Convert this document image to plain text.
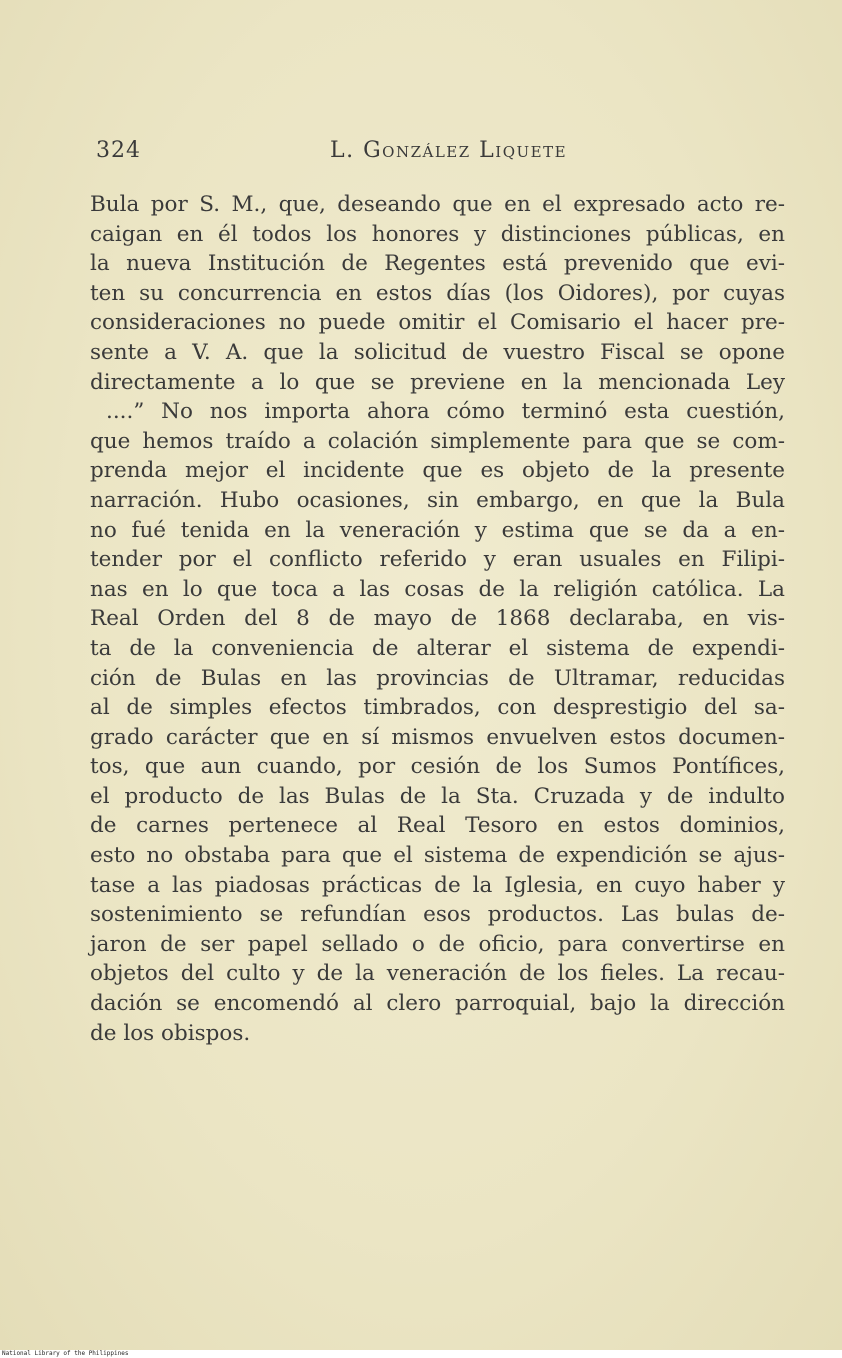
324	L. González Liquete
Bula por S. M., que, deseando que en el expresado acto re-
caigan en él todos los honores y distinciones públicas, en
la nueva Institución de Regentes está prevenido que evi-
ten su concurrencia en estos días (los Oidores), por cuyas
consideraciones no puede omitir el Comisario el hacer pre-
sente a V. A. que la solicitud de vuestro Fiscal se opone
directamente a lo que se previene en la mencionada Ley
....” No nos importa ahora cómo terminó esta cuestión,
que hemos traído a colación simplemente para que se com-
prenda mejor el incidente que es objeto de la presente
narración. Hubo ocasiones, sin embargo, en que la Bula
no fué tenida en la veneración y estima que se da a en-
tender por el conflicto referido y eran usuales en Filipi-
nas en lo que toca a las cosas de la religión católica. La
Real Orden del 8 de mayo de 1868 declaraba, en vis-
ta de la conveniencia de alterar el sistema de expendi-
ción de Bulas en las provincias de Ultramar, reducidas
al de simples efectos timbrados, con desprestigio del sa-
grado carácter que en sí mismos envuelven estos documen-
tos, que aun cuando, por cesión de los Sumos Pontífices,
el producto de las Bulas de la Sta. Cruzada y de indulto
de carnes pertenece al Real Tesoro en estos dominios,
esto no obstaba para que el sistema de expendición se ajus-
tase a las piadosas prácticas de la Iglesia, en cuyo haber y
sostenimiento se refundían esos productos. Las bulas de-
jaron de ser papel sellado o de oficio, para convertirse en
objetos del culto y de la veneración de los fieles. La recau-
dación se encomendó al clero parroquial, bajo la dirección
de los obispos.
National Library of the Philippines
